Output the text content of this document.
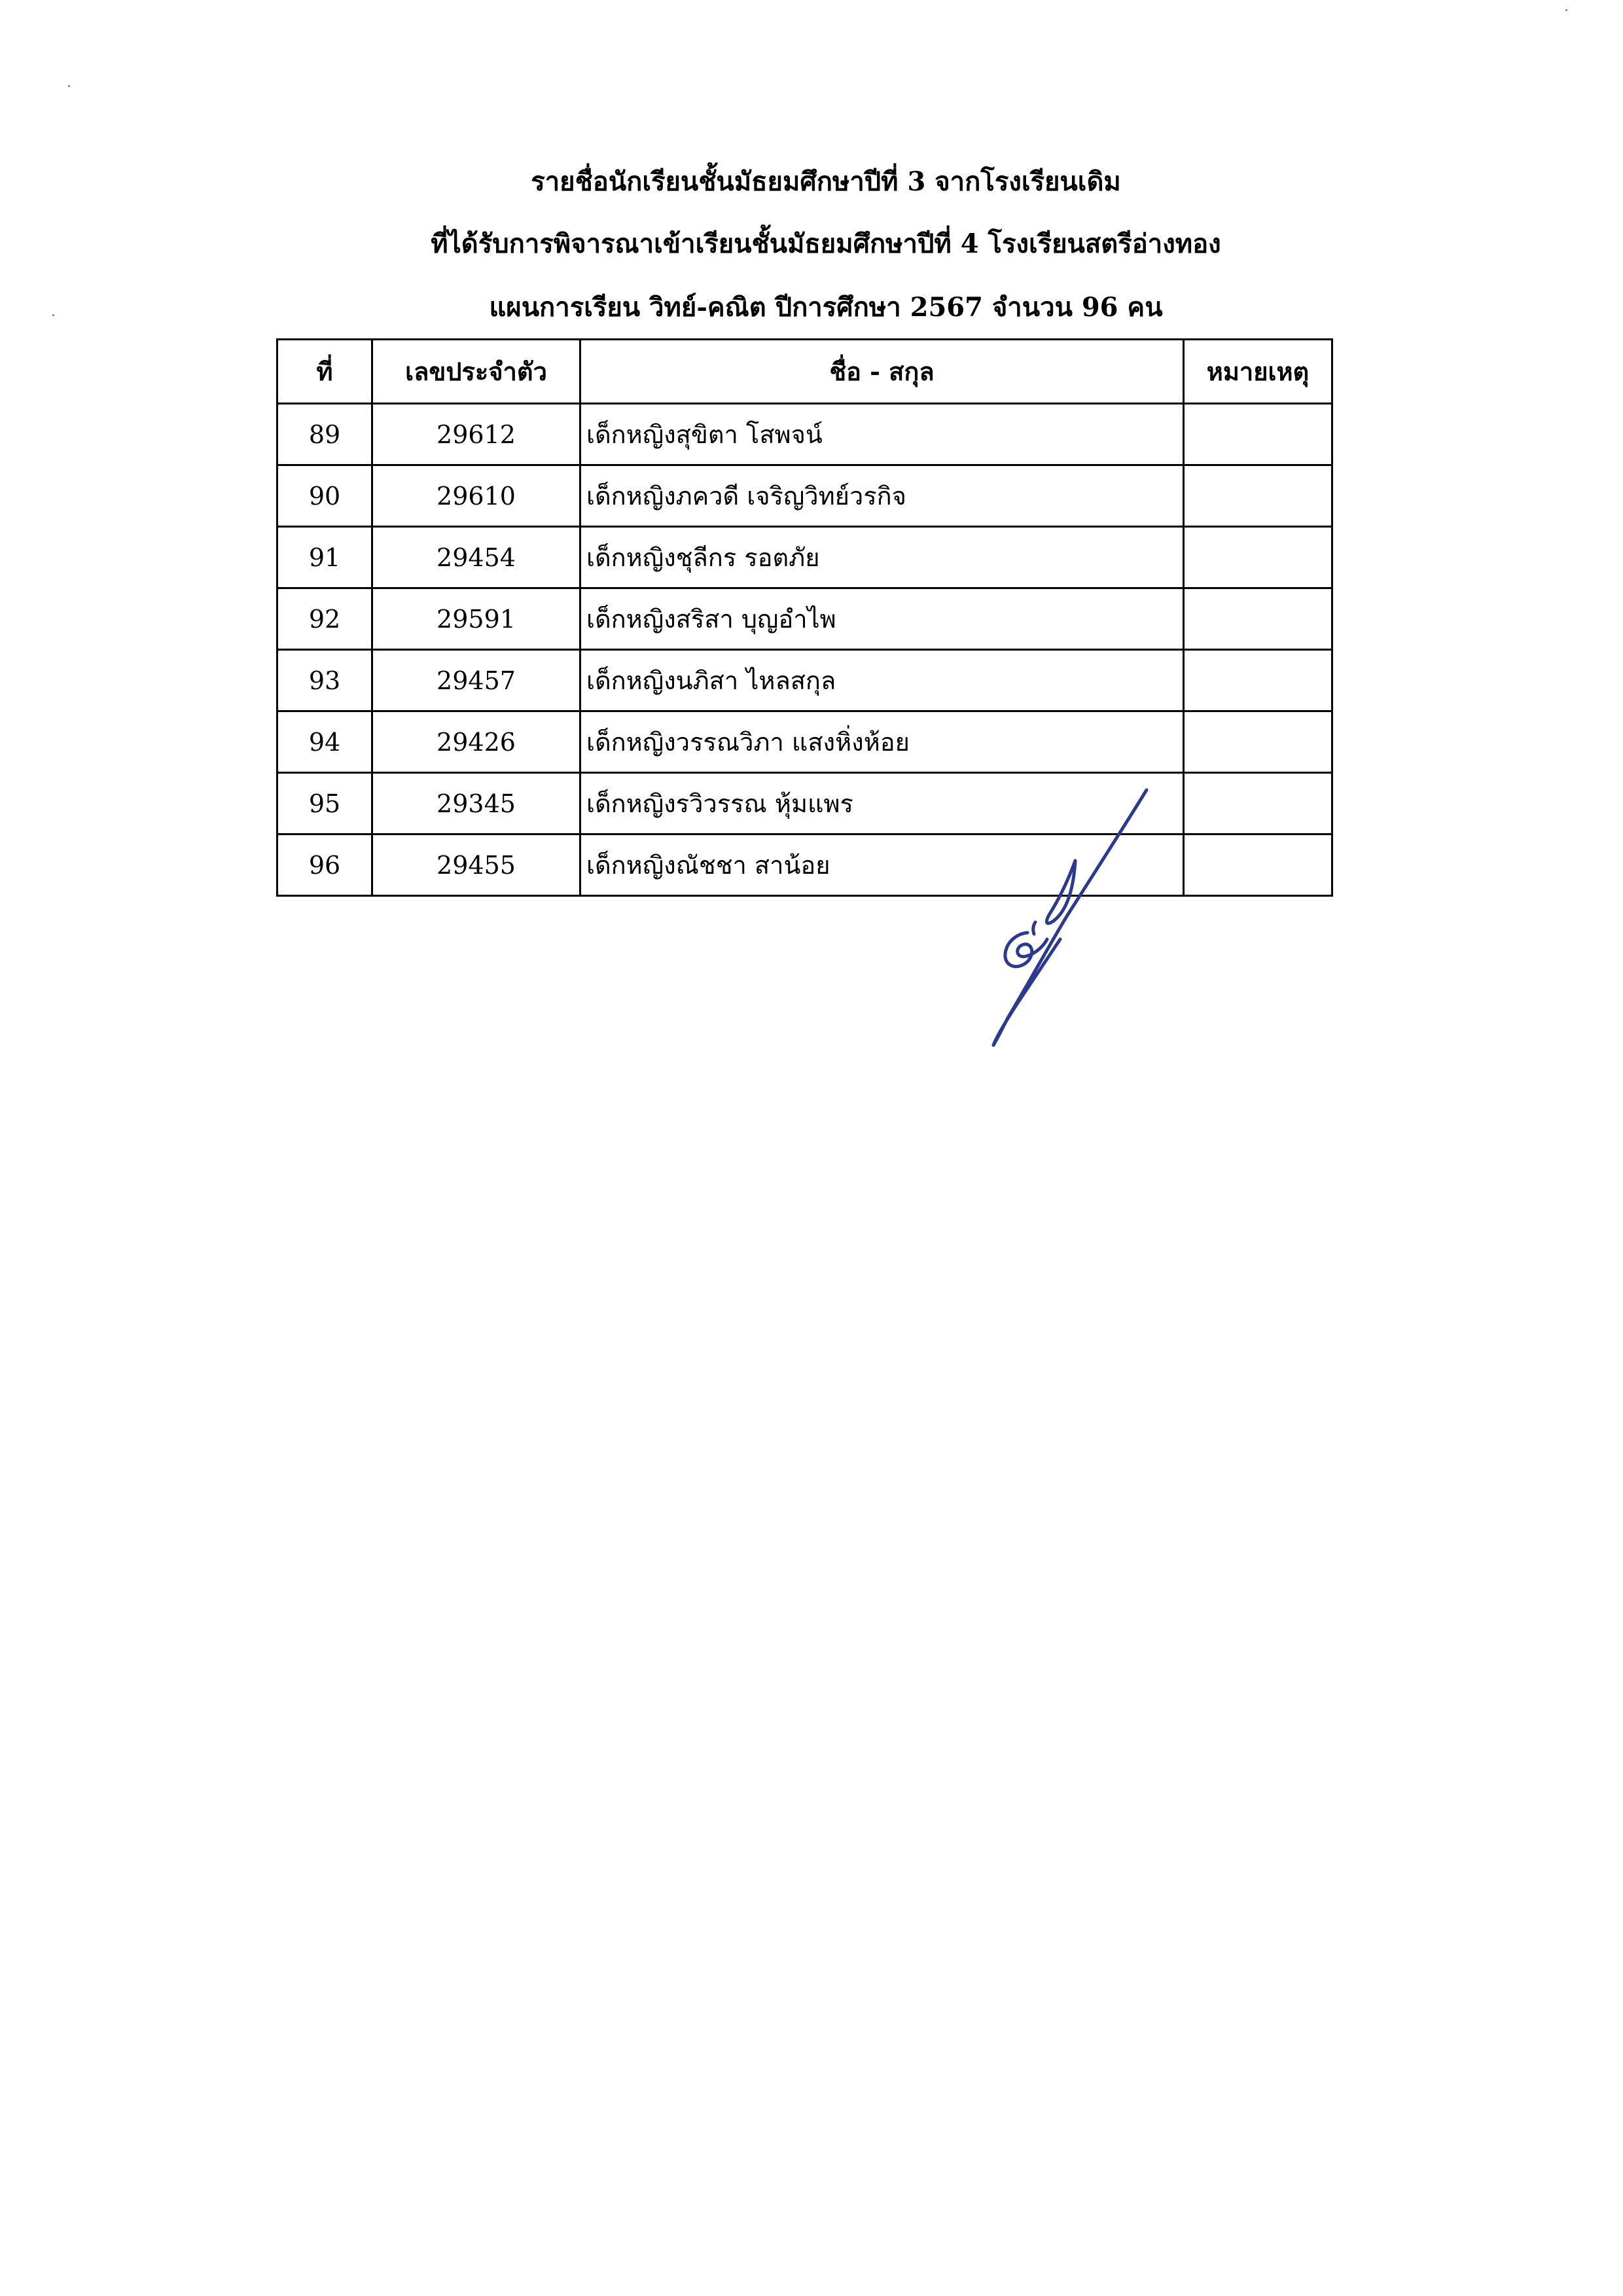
รายชื่อนักเรียนชั้นมัธยมศึกษาปีที่ 3 จากโรงเรียนเดิม
ที่ได้รับการพิจารณาเข้าเรียนชั้นมัธยมศึกษาปีที่ 4 โรงเรียนสตรีอ่างทอง
แผนการเรียน วิทย์-คณิต ปีการศึกษา 2567 จำนวน 96 คน
ที่	เลขประจำตัว	ชื่อ - สกุล	หมายเหตุ
89	29612	เด็กหญิงสุขิตา โสพจน์	
90	29610	เด็กหญิงภควดี เจริญวิทย์วรกิจ	
91	29454	เด็กหญิงชุลีกร รอตภัย	
92	29591	เด็กหญิงสริสา บุญอำไพ	
93	29457	เด็กหญิงนภิสา ไหลสกุล	
94	29426	เด็กหญิงวรรณวิภา แสงหิ่งห้อย	
95	29345	เด็กหญิงรวิวรรณ หุ้มแพร	
96	29455	เด็กหญิงณัชชา สาน้อย	
